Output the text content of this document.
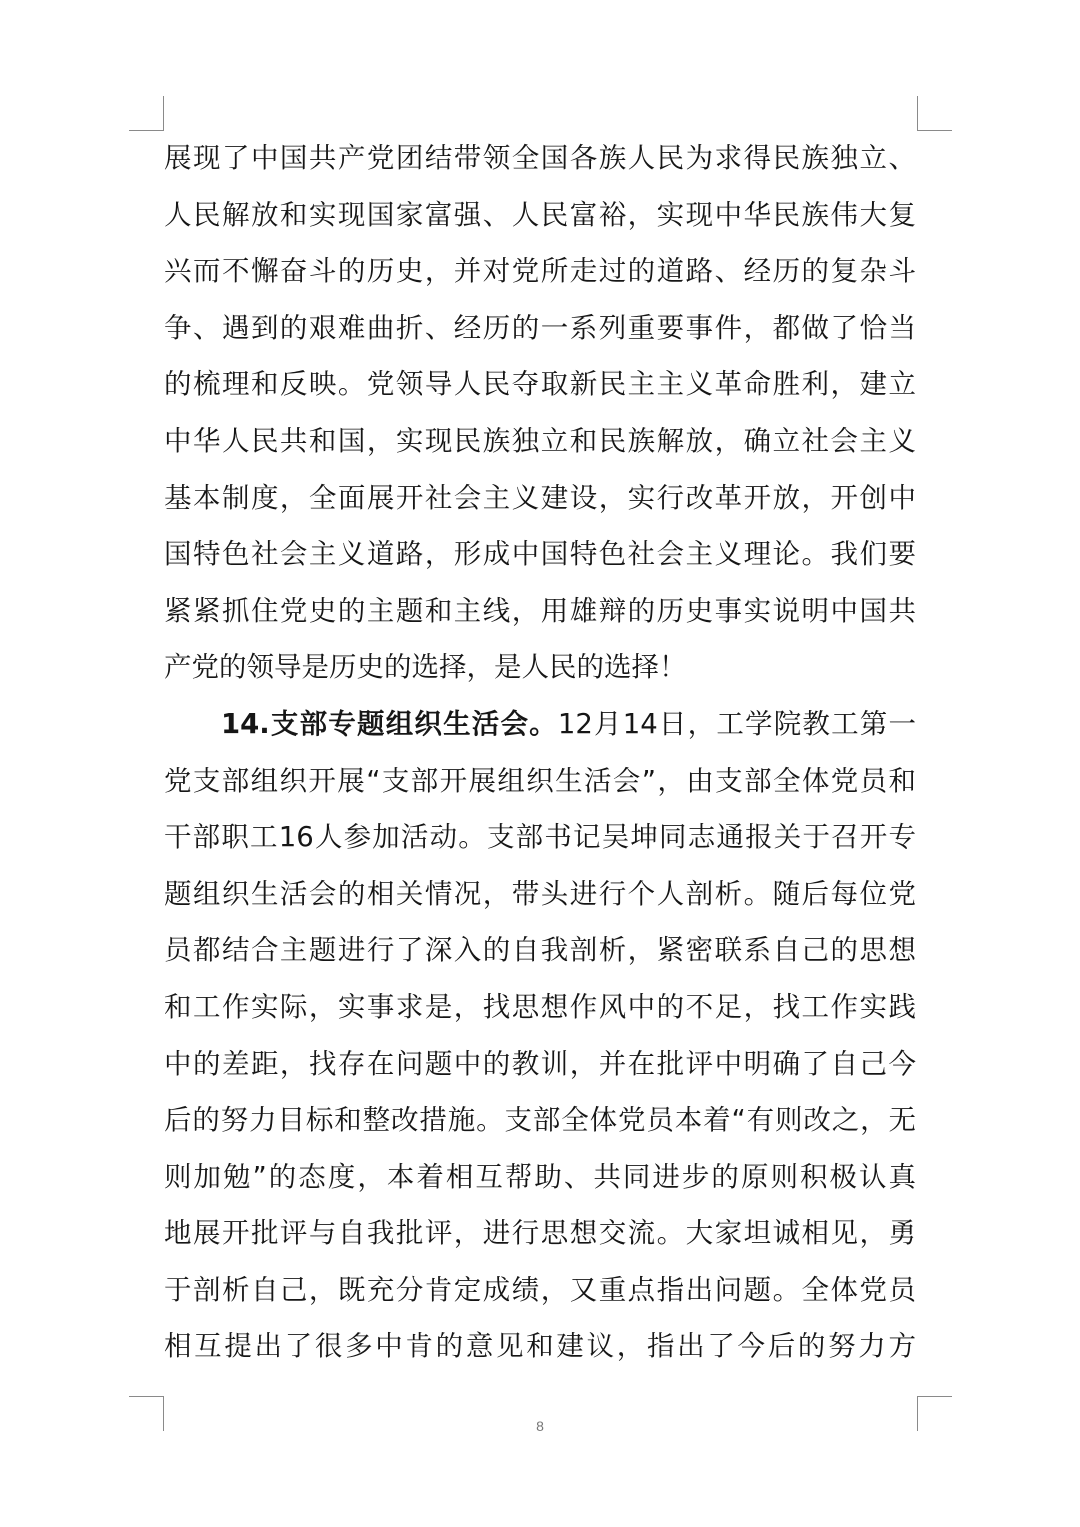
展现了中国共产党团结带领全国各族人民为求得民族独立、
人民解放和实现国家富强、人民富裕，实现中华民族伟大复
兴而不懈奋斗的历史，并对党所走过的道路、经历的复杂斗
争、遇到的艰难曲折、经历的一系列重要事件，都做了恰当
的梳理和反映。党领导人民夺取新民主主义革命胜利，建立
中华人民共和国，实现民族独立和民族解放，确立社会主义
基本制度，全面展开社会主义建设，实行改革开放，开创中
国特色社会主义道路，形成中国特色社会主义理论。我们要
紧紧抓住党史的主题和主线，用雄辩的历史事实说明中国共
产党的领导是历史的选择，是人民的选择！
14.支部专题组织生活会。12月14日，工学院教工第一
党支部组织开展“支部开展组织生活会”，由支部全体党员和
干部职工16人参加活动。支部书记吴坤同志通报关于召开专
题组织生活会的相关情况，带头进行个人剖析。随后每位党
员都结合主题进行了深入的自我剖析，紧密联系自己的思想
和工作实际，实事求是，找思想作风中的不足，找工作实践
中的差距，找存在问题中的教训，并在批评中明确了自己今
后的努力目标和整改措施。支部全体党员本着“有则改之，无
则加勉”的态度，本着相互帮助、共同进步的原则积极认真
地展开批评与自我批评，进行思想交流。大家坦诚相见，勇
于剖析自己，既充分肯定成绩，又重点指出问题。全体党员
相互提出了很多中肯的意见和建议，指出了今后的努力方
8
